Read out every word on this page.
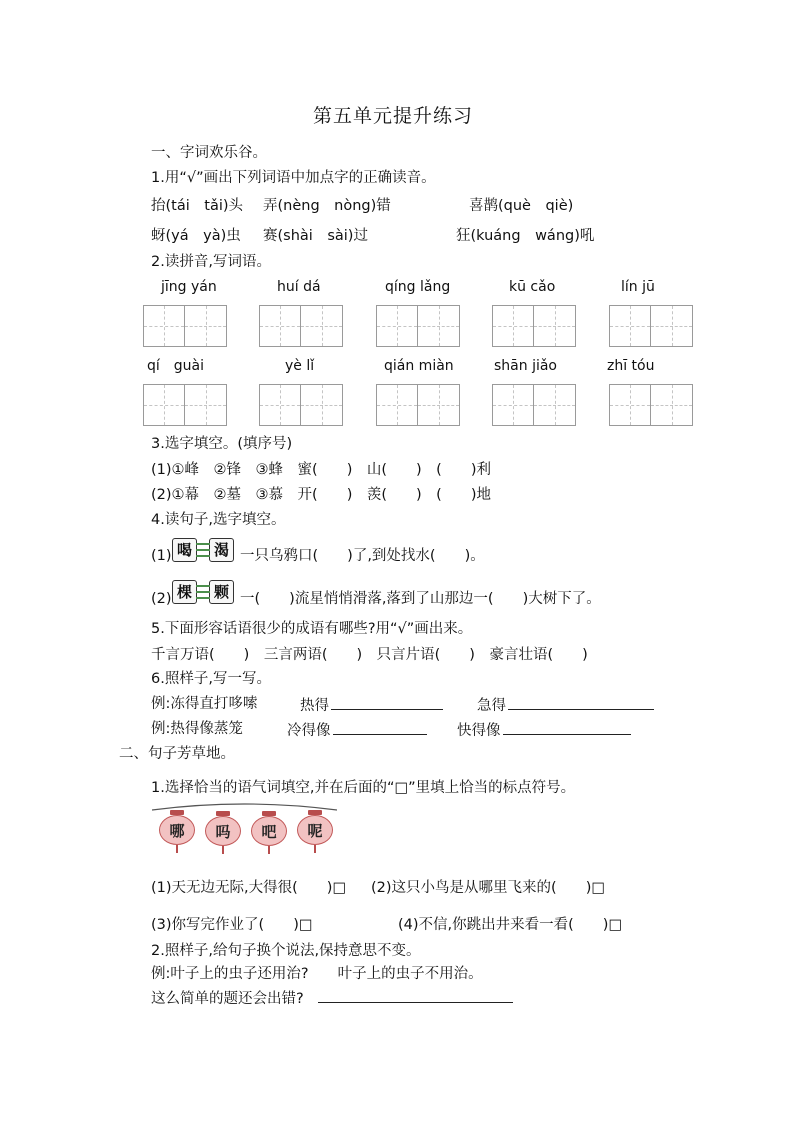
第五单元提升练习
一、字词欢乐谷。
1.用“√”画出下列词语中加点字的正确读音。
抬(tái　tǎi)头 弄(nèng　nòng)错	喜鹊(què　qiè)
蚜(yá　yà)虫 赛(shài　sài)过	狂(kuáng　wáng)吼
2.读拼音,写词语。
jīng yán	huí dá	qíng lǎng	kū cǎo	lín jū
qí　guài	yè lǐ	qián miàn	shān jiǎo	zhī tóu
3.选字填空。(填序号)
(1)①峰　②锋　③蜂　蜜(　　)　山(　　)　(　　)利
(2)①幕　②墓　③慕　开(　　)　羡(　　)　(　　)地
4.读句子,选字填空。
(1) 喝	渴 一只乌鸦口(　　)了,到处找水(　　)。
(2) 棵	颗 一(　　)流星悄悄滑落,落到了山那边一(　　)大树下了。
5.下面形容话语很少的成语有哪些?用“√”画出来。
千言万语(　　)　三言两语(　　)　只言片语(　　)　豪言壮语(　　)
6.照样子,写一写。
例:冻得直打哆嗦	热得	急得
例:热得像蒸笼	冷得像	快得像
二、句子芳草地。
1.选择恰当的语气词填空,并在后面的“□”里填上恰当的标点符号。
哪	吗	吧	呢
(1)天无边无际,大得很(　　)□ (2)这只小鸟是从哪里飞来的(　　)□
(3)你写完作业了(　　)□	(4)不信,你跳出井来看一看(　　)□
2.照样子,给句子换个说法,保持意思不变。
例:叶子上的虫子还用治?　　叶子上的虫子不用治。
这么简单的题还会出错?
